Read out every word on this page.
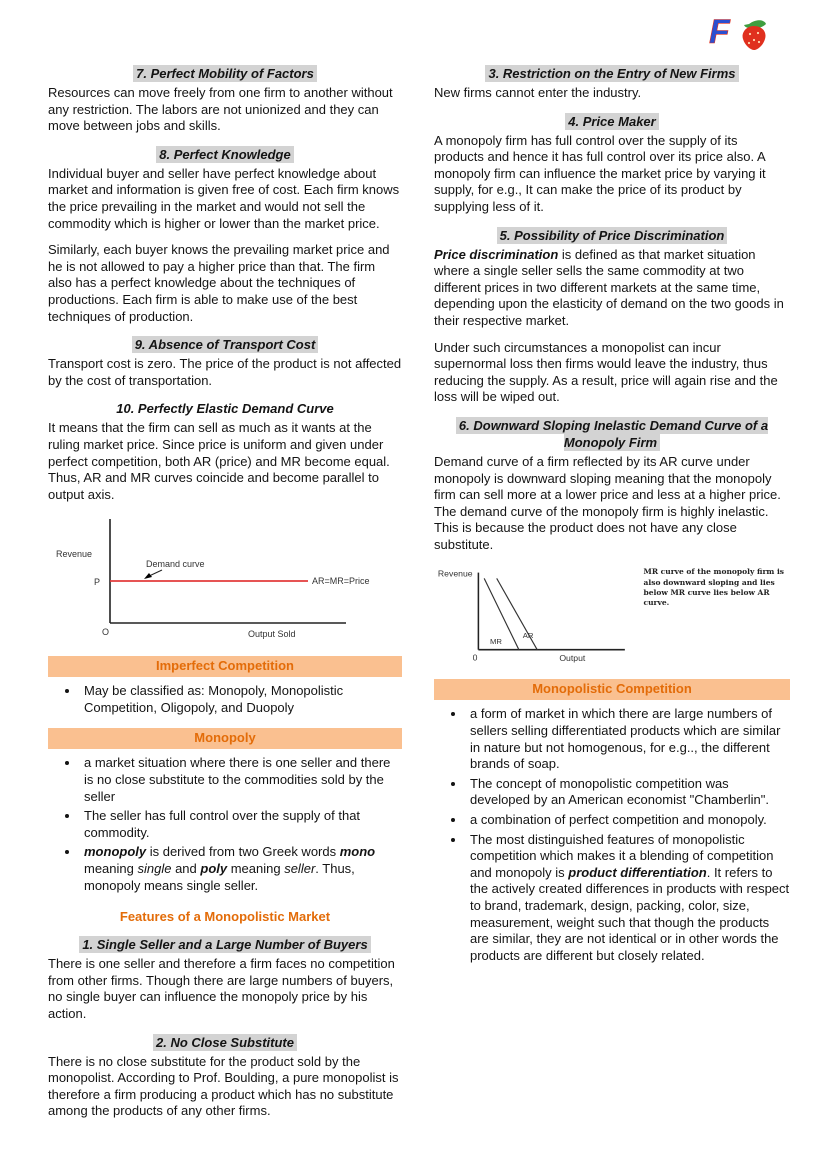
F
7. Perfect Mobility of Factors

Resources can move freely from one firm to another without any restriction. The labors are not unionized and they can move between jobs and skills.

8. Perfect Knowledge

Individual buyer and seller have perfect knowledge about market and information is given free of cost. Each firm knows the price prevailing in the market and would not sell the commodity which is higher or lower than the market price.

Similarly, each buyer knows the prevailing market price and he is not allowed to pay a higher price than that. The firm also has a perfect knowledge about the techniques of productions. Each firm is able to make use of the best techniques of production.

9. Absence of Transport Cost

Transport cost is zero. The price of the product is not affected by the cost of transportation.

10. Perfectly Elastic Demand Curve

It means that the firm can sell as much as it wants at the ruling market price. Since price is uniform and given under perfect competition, both AR (price) and MR become equal. Thus, AR and MR curves coincide and become parallel to output axis.

Revenue
AR=MR=Price
P
Demand curve
Output Sold
O
Imperfect Competition
• May be classified as: Monopoly, Monopolistic Competition, Oligopoly, and Duopoly
Monopoly
• a market situation where there is one seller and there is no close substitute to the commodities sold by the seller
• The seller has full control over the supply of that commodity.
• monopoly is derived from two Greek words mono meaning single and poly meaning seller. Thus, monopoly means single seller.
Features of a Monopolistic Market
1. Single Seller and a Large Number of Buyers

There is one seller and therefore a firm faces no competition from other firms. Though there are large numbers of buyers, no single buyer can influence the monopoly price by his action.

2. No Close Substitute

There is no close substitute for the product sold by the monopolist. According to Prof. Boulding, a pure monopolist is therefore a firm producing a product which has no substitute among the products of any other firms.

3. Restriction on the Entry of New Firms

New firms cannot enter the industry.

4. Price Maker

A monopoly firm has full control over the supply of its products and hence it has full control over its price also. A monopoly firm can influence the market price by varying it supply, for e.g., It can make the price of its product by supplying less of it.

5. Possibility of Price Discrimination

Price discrimination is defined as that market situation where a single seller sells the same commodity at two different prices in two different markets at the same time, depending upon the elasticity of demand on the two goods in their respective market.

Under such circumstances a monopolist can incur supernormal loss then firms would leave the industry, thus reducing the supply. As a result, price will again rise and the loss will be wiped out.

6. Downward Sloping Inelastic Demand Curve of a Monopoly Firm

Demand curve of a firm reflected by its AR curve under monopoly is downward sloping meaning that the monopoly firm can sell more at a lower price and less at a higher price. The demand curve of the monopoly firm is highly inelastic. This is because the product does not have any close substitute.

Revenue
MR
AR
0	Output
MR curve of the monopoly firm is also downward sloping and lies below MR curve lies below AR curve.
Monopolistic Competition
• a form of market in which there are large numbers of sellers selling differentiated products which are similar in nature but not homogenous, for e.g.., the different brands of soap.
• The concept of monopolistic competition was developed by an American economist "Chamberlin".
• a combination of perfect competition and monopoly.
• The most distinguished features of monopolistic competition which makes it a blending of competition and monopoly is product differentiation. It refers to the actively created differences in products with respect to brand, trademark, design, packing, color, size, measurement, weight such that though the products are similar, they are not identical or in other words the products are different but closely related.
